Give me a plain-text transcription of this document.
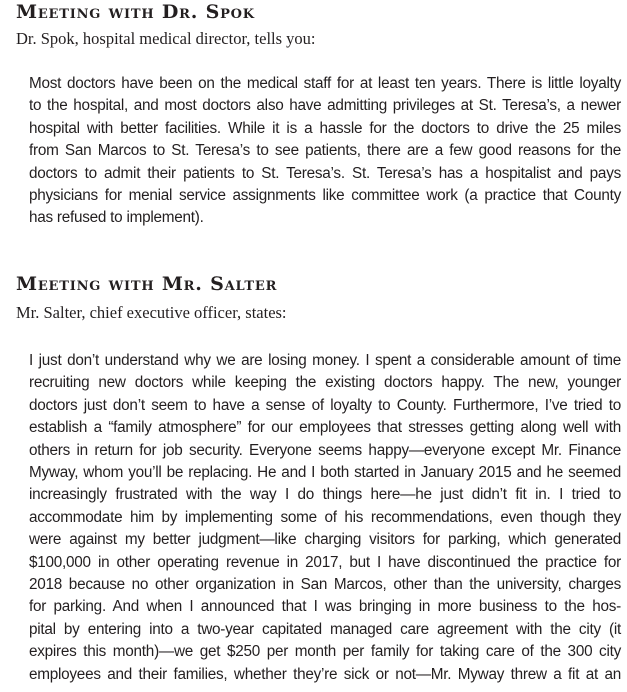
Meeting with Dr. Spok

Dr. Spok, hospital medical director, tells you:

Most doctors have been on the medical staff for at least ten years. There is little loyalty
to the hospital, and most doctors also have admitting privileges at St. Teresa’s, a newer
hospital with better facilities. While it is a hassle for the doctors to drive the 25 miles
from San Marcos to St. Teresa’s to see patients, there are a few good reasons for the
doctors to admit their patients to St. Teresa’s. St. Teresa’s has a hospitalist and pays
physicians for menial service assignments like committee work (a practice that County
has refused to implement).
Meeting with Mr. Salter

Mr. Salter, chief executive officer, states:

I just don’t understand why we are losing money. I spent a considerable amount of time
recruiting new doctors while keeping the existing doctors happy. The new, younger
doctors just don’t seem to have a sense of loyalty to County. Furthermore, I’ve tried to
establish a “family atmosphere” for our employees that stresses getting along well with
others in return for job security. Everyone seems happy—everyone except Mr. Finance
Myway, whom you’ll be replacing. He and I both started in January 2015 and he seemed
increasingly frustrated with the way I do things here—he just didn’t fit in. I tried to
accommodate him by implementing some of his recommendations, even though they
were against my better judgment—like charging visitors for parking, which generated
$100,000 in other operating revenue in 2017, but I have discontinued the practice for
2018 because no other organization in San Marcos, other than the university, charges
for parking. And when I announced that I was bringing in more business to the hos-
pital by entering into a two-year capitated managed care agreement with the city (it
expires this month)—we get $250 per month per family for taking care of the 300 city
employees and their families, whether they’re sick or not—Mr. Myway threw a fit at an
